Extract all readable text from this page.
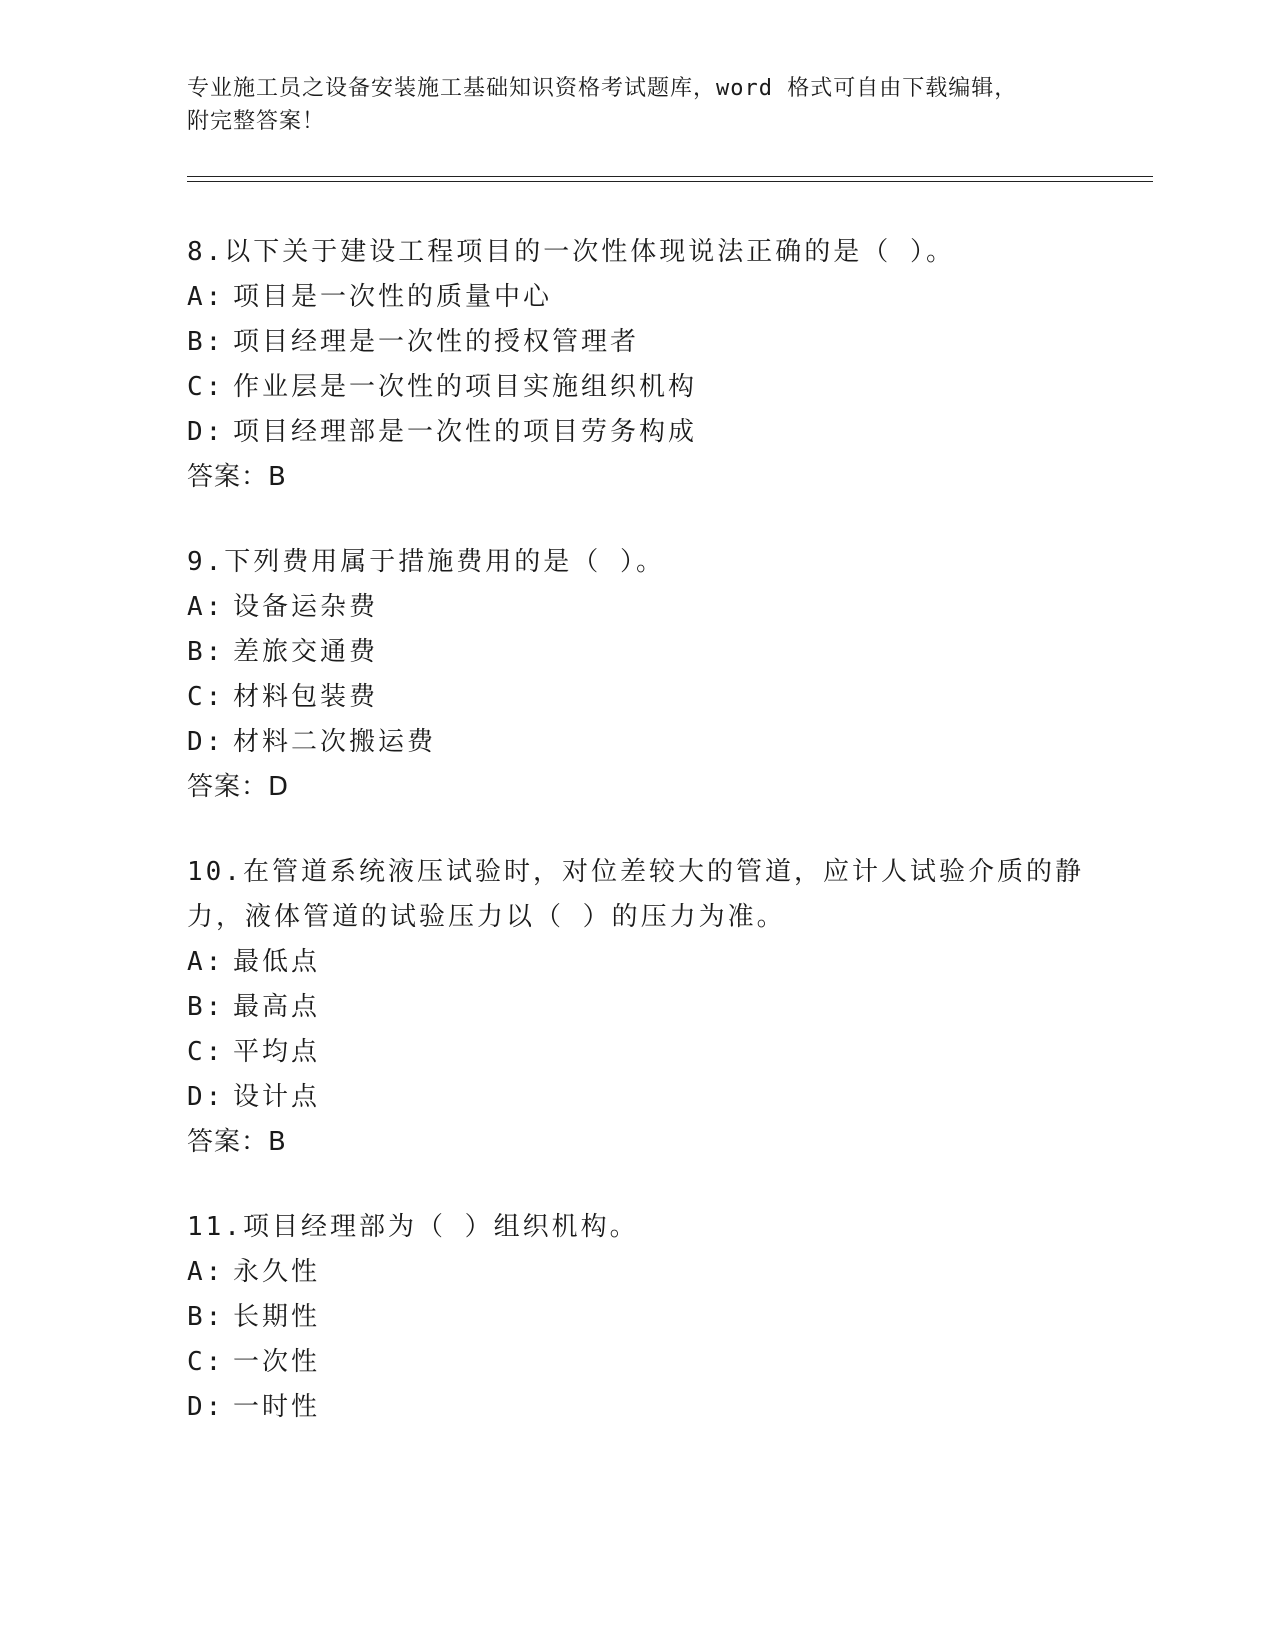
专业施工员之设备安装施工基础知识资格考试题库，word 格式可自由下载编辑，
附完整答案！
8.以下关于建设工程项目的一次性体现说法正确的是（ ）。
A: 项目是一次性的质量中心
B: 项目经理是一次性的授权管理者
C: 作业层是一次性的项目实施组织机构
D: 项目经理部是一次性的项目劳务构成
答案：B
9.下列费用属于措施费用的是（ ）。
A: 设备运杂费
B: 差旅交通费
C: 材料包装费
D: 材料二次搬运费
答案：D
10.在管道系统液压试验时，对位差较大的管道，应计人试验介质的静力，液体管道的试验压力以（ ）的压力为准。
A: 最低点
B: 最高点
C: 平均点
D: 设计点
答案：B
11.项目经理部为（ ）组织机构。
A: 永久性
B: 长期性
C: 一次性
D: 一时性
